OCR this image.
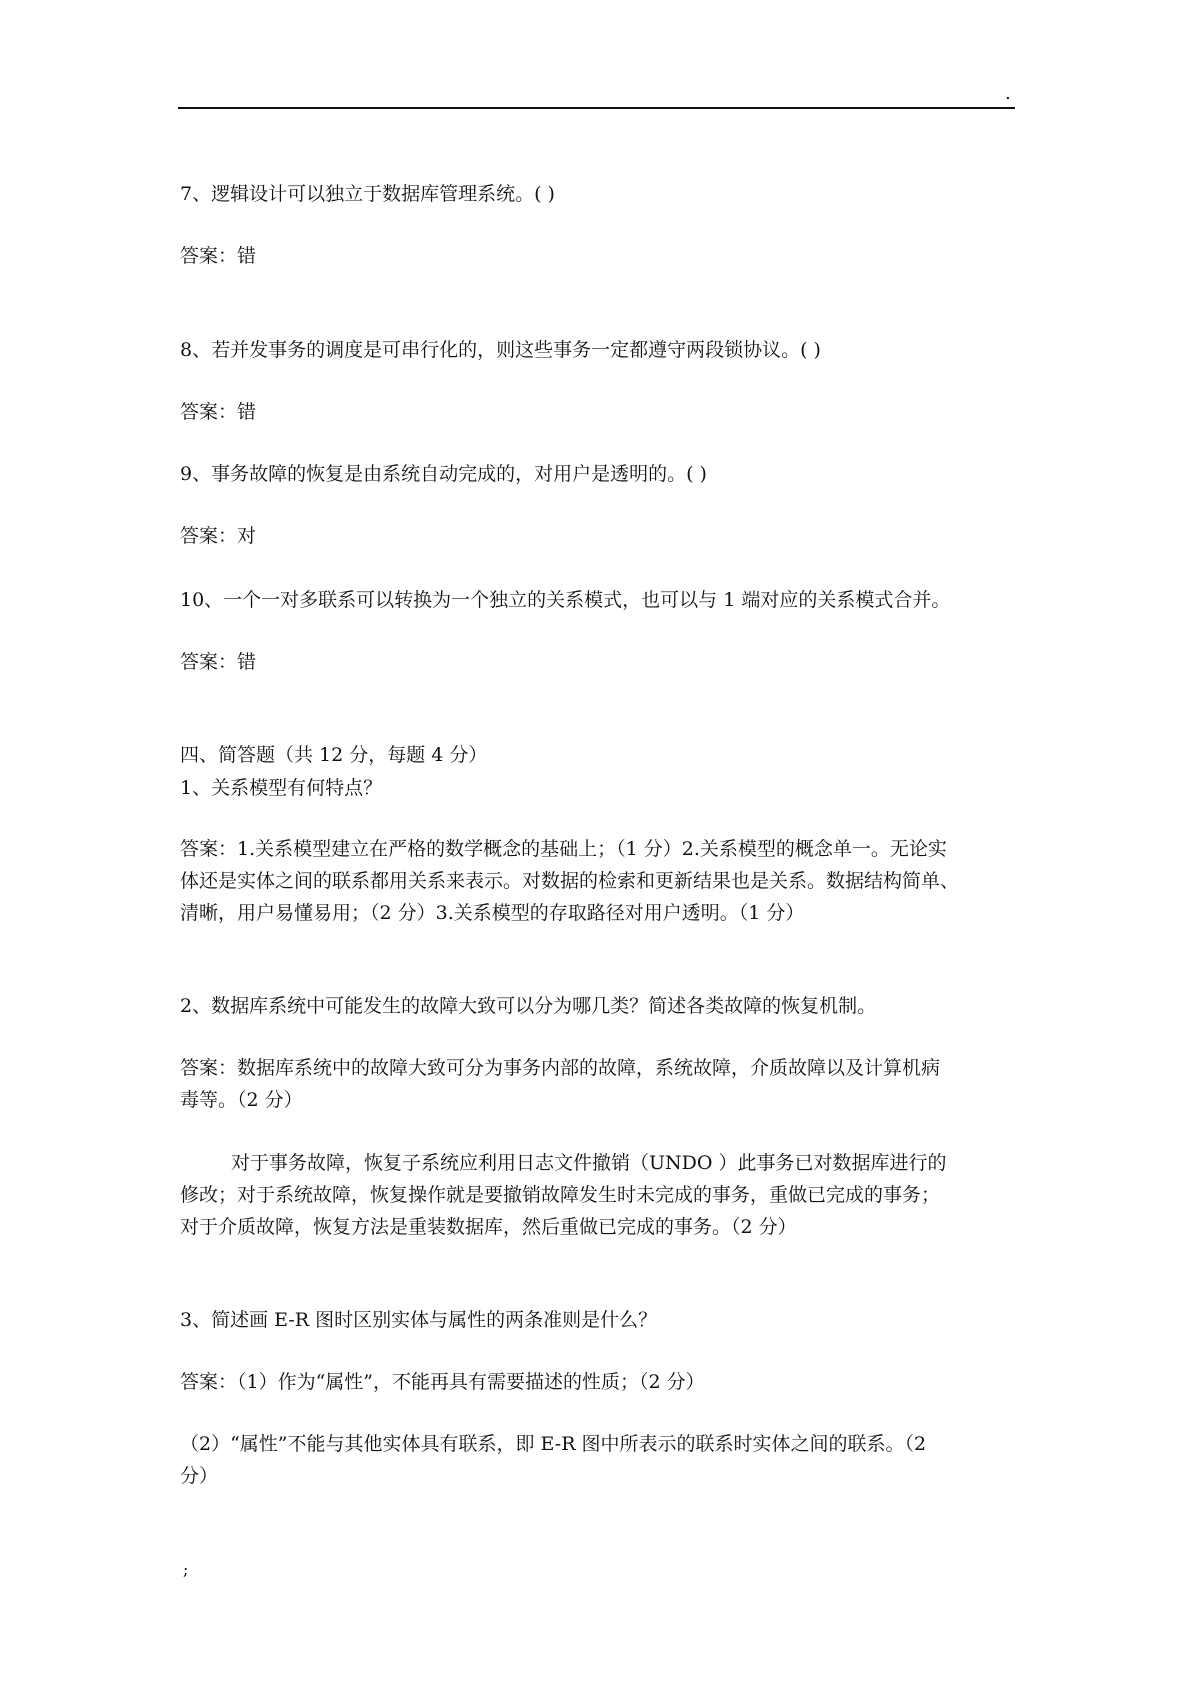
.
7、逻辑设计可以独立于数据库管理系统。( )
答案：错
8、若并发事务的调度是可串行化的，则这些事务一定都遵守两段锁协议。( )
答案：错
9、事务故障的恢复是由系统自动完成的，对用户是透明的。( )
答案：对
10、一个一对多联系可以转换为一个独立的关系模式，也可以与 1 端对应的关系模式合并。
答案：错
四、简答题（共 12 分，每题 4 分）
1、关系模型有何特点？
答案：1.关系模型建立在严格的数学概念的基础上；（1 分）2.关系模型的概念单一。无论实
体还是实体之间的联系都用关系来表示。对数据的检索和更新结果也是关系。数据结构简单、
清晰，用户易懂易用；（2 分）3.关系模型的存取路径对用户透明。（1 分）
2、数据库系统中可能发生的故障大致可以分为哪几类？简述各类故障的恢复机制。
答案：数据库系统中的故障大致可分为事务内部的故障，系统故障，介质故障以及计算机病
毒等。（2 分）
对于事务故障，恢复子系统应利用日志文件撤销（UNDO ）此事务已对数据库进行的
修改；对于系统故障，恢复操作就是要撤销故障发生时未完成的事务，重做已完成的事务；
对于介质故障，恢复方法是重装数据库，然后重做已完成的事务。（2 分）
3、简述画 E-R 图时区别实体与属性的两条准则是什么？
答案：（1）作为“属性”，不能再具有需要描述的性质；（2 分）
（2）“属性”不能与其他实体具有联系，即 E-R 图中所表示的联系时实体之间的联系。（2
分）
;
